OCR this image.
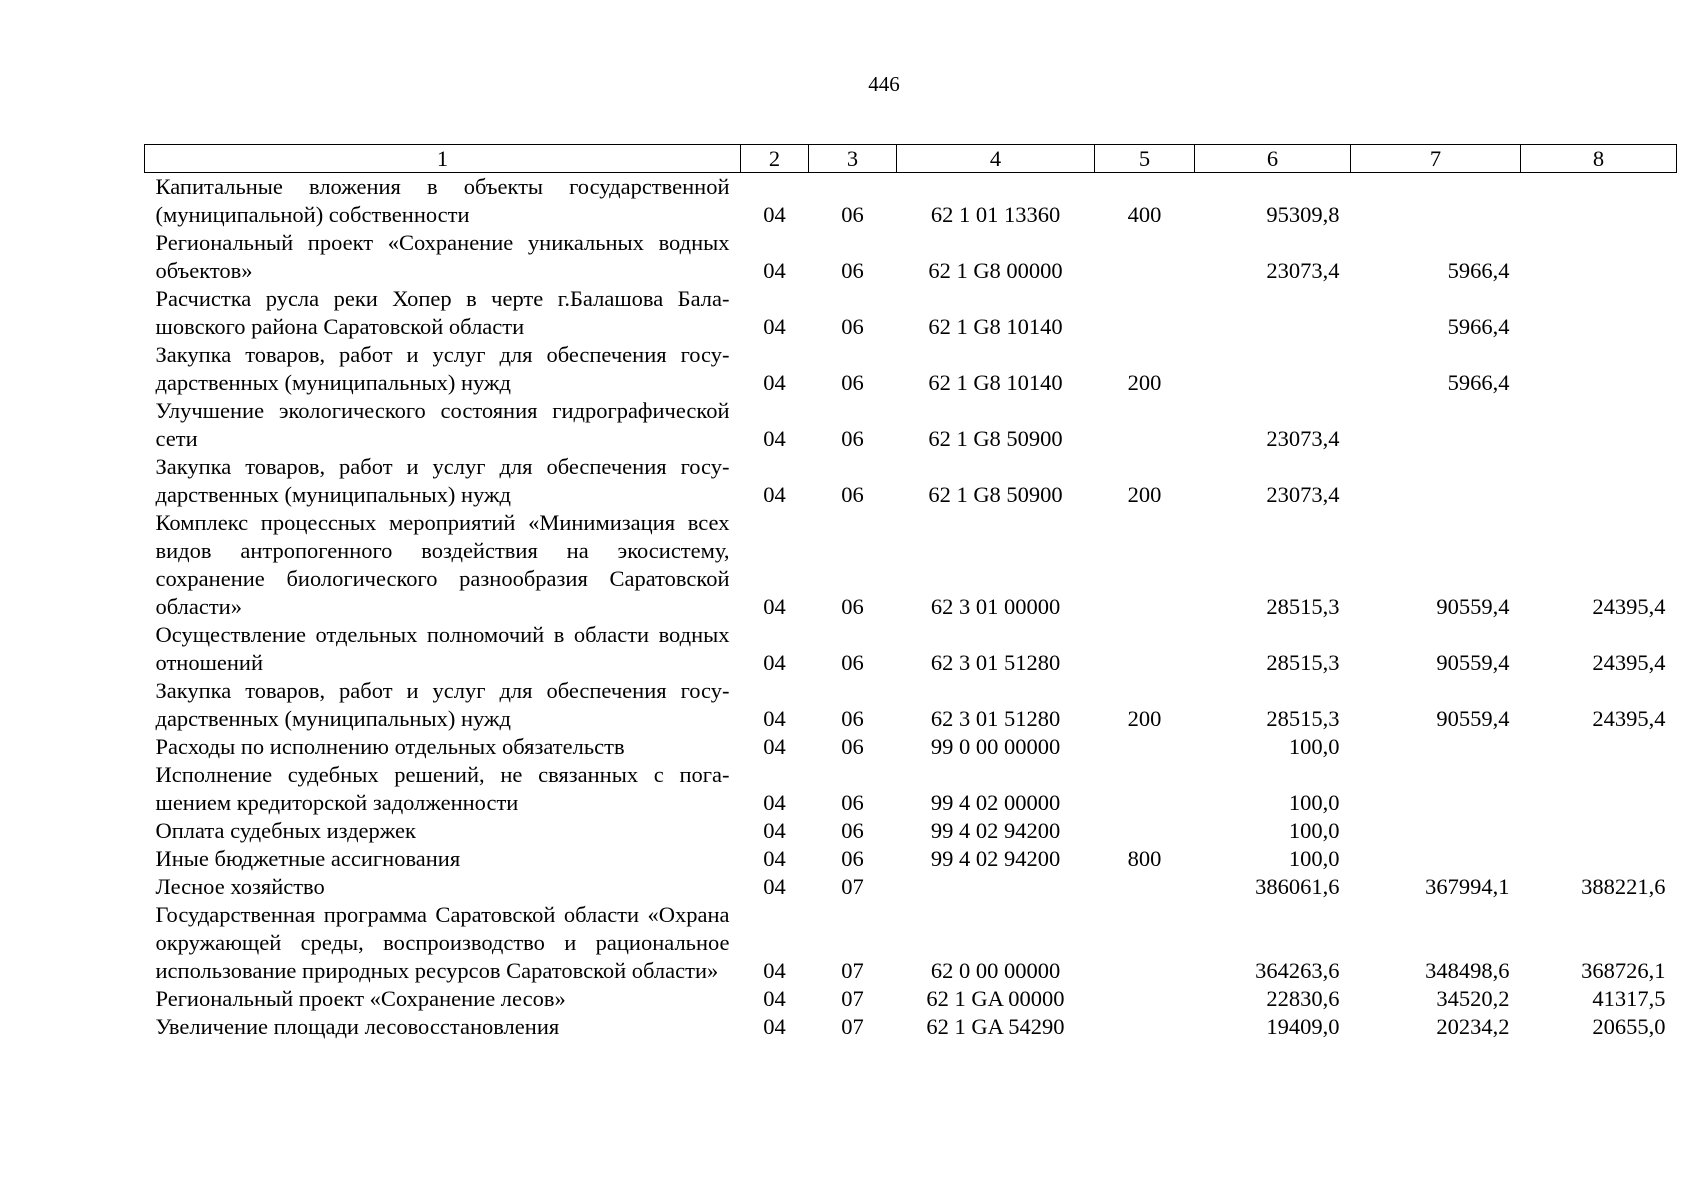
446
1	2	3	4	5	6	7	8
Капитальные вложения в объекты государственной (муниципальной) собственности	04	06	62 1 01 13360	400	95309,8		
Региональный проект «Сохранение уникальных водных объектов»	04	06	62 1 G8 00000		23073,4	5966,4	
Расчистка русла реки Хопер в черте г.Балашова Балашовского района Саратовской области	04	06	62 1 G8 10140			5966,4	
Закупка товаров, работ и услуг для обеспечения государственных (муниципальных) нужд	04	06	62 1 G8 10140	200		5966,4	
Улучшение экологического состояния гидрографической сети	04	06	62 1 G8 50900		23073,4		
Закупка товаров, работ и услуг для обеспечения государственных (муниципальных) нужд	04	06	62 1 G8 50900	200	23073,4		
Комплекс процессных мероприятий «Минимизация всех видов антропогенного воздействия на экосистему, сохранение биологического разнообразия Саратовской области»	04	06	62 3 01 00000		28515,3	90559,4	24395,4
Осуществление отдельных полномочий в области водных отношений	04	06	62 3 01 51280		28515,3	90559,4	24395,4
Закупка товаров, работ и услуг для обеспечения государственных (муниципальных) нужд	04	06	62 3 01 51280	200	28515,3	90559,4	24395,4
Расходы по исполнению отдельных обязательств	04	06	99 0 00 00000		100,0		
Исполнение судебных решений, не связанных с погашением кредиторской задолженности	04	06	99 4 02 00000		100,0		
Оплата судебных издержек	04	06	99 4 02 94200		100,0		
Иные бюджетные ассигнования	04	06	99 4 02 94200	800	100,0		
Лесное хозяйство	04	07			386061,6	367994,1	388221,6
Государственная программа Саратовской области «Охрана окружающей среды, воспроизводство и рациональное использование природных ресурсов Саратовской области»	04	07	62 0 00 00000		364263,6	348498,6	368726,1
Региональный проект «Сохранение лесов»	04	07	62 1 GA 00000		22830,6	34520,2	41317,5
Увеличение площади лесовосстановления	04	07	62 1 GA 54290		19409,0	20234,2	20655,0
